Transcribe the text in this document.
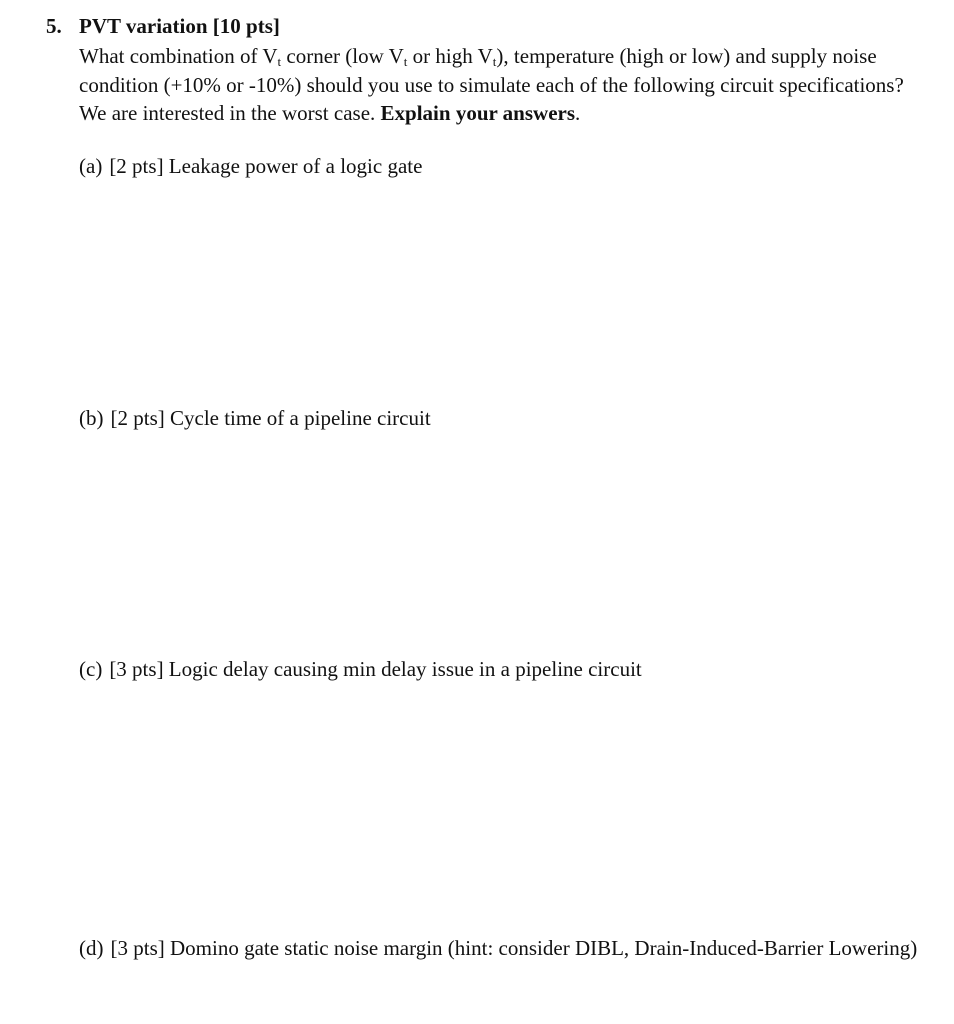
5. PVT variation [10 pts]
What combination of $V_t$ corner (low $V_t$ or high $V_t$), temperature (high or low) and supply noise
condition (+10% or -10%) should you use to simulate each of the following circuit specifications?
We are interested in the worst case. Explain your answers.
(a) [2 pts] Leakage power of a logic gate
(b) [2 pts] Cycle time of a pipeline circuit
(c) [3 pts] Logic delay causing min delay issue in a pipeline circuit
(d) [3 pts] Domino gate static noise margin (hint: consider DIBL, Drain-Induced-Barrier Lowering)
